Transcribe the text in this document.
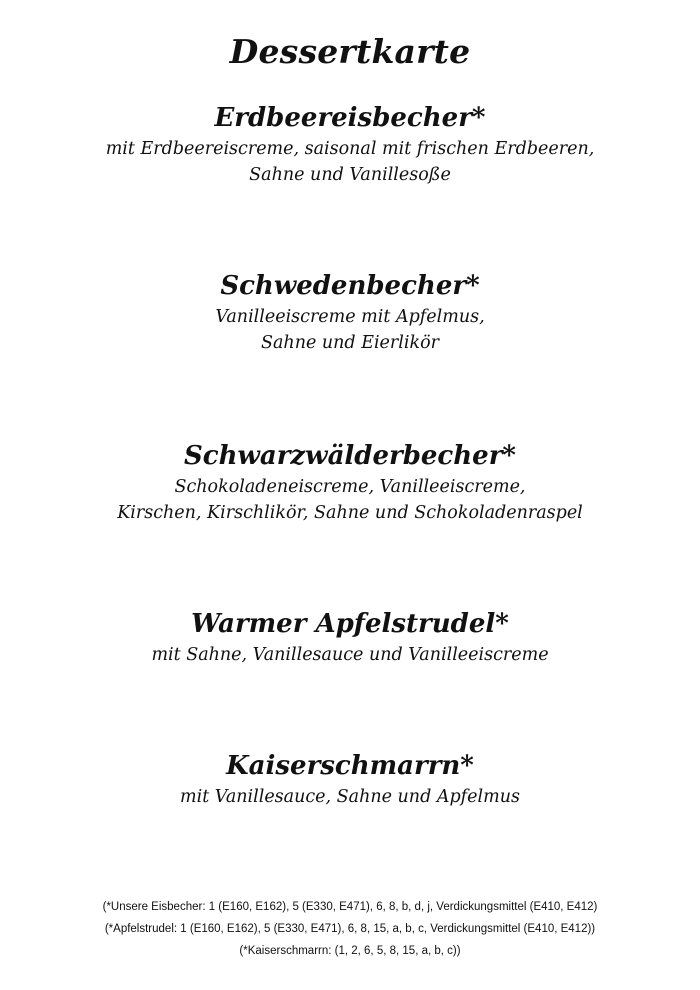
Dessertkarte

Erdbeereisbecher*

mit Erdbeereiscreme, saisonal mit frischen Erdbeeren,

Sahne und Vanillesoße

Schwedenbecher*

Vanilleeiscreme mit Apfelmus,

Sahne und Eierlikör

Schwarzwälderbecher*

Schokoladeneiscreme, Vanilleeiscreme,

Kirschen, Kirschlikör, Sahne und Schokoladenraspel

Warmer Apfelstrudel*

mit Sahne, Vanillesauce und Vanilleeiscreme

Kaiserschmarrn*

mit Vanillesauce, Sahne und Apfelmus

(*Unsere Eisbecher: 1 (E160, E162), 5 (E330, E471), 6, 8, b, d, j, Verdickungsmittel (E410, E412)
(*Apfelstrudel: 1 (E160, E162), 5 (E330, E471), 6, 8, 15, a, b, c, Verdickungsmittel (E410, E412))
(*Kaiserschmarrn: (1, 2, 6, 5, 8, 15, a, b, c))
